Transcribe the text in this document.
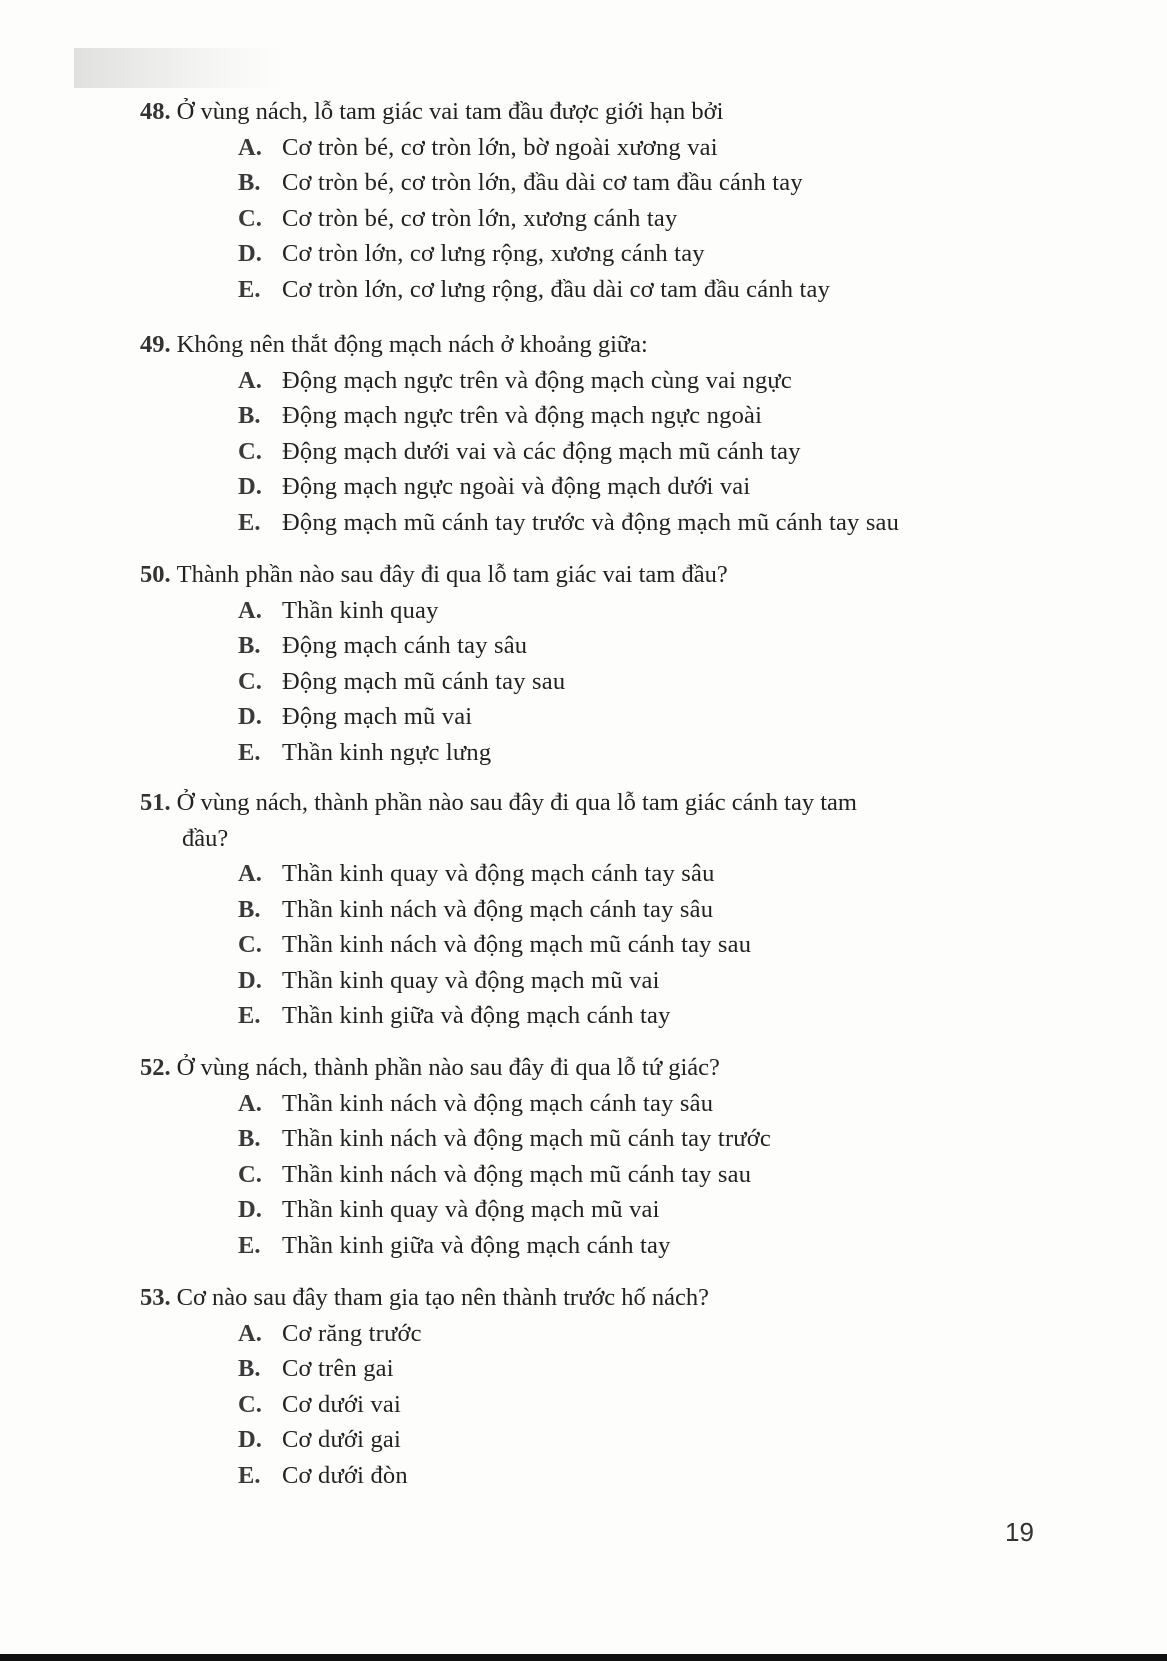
48. Ở vùng nách, lỗ tam giác vai tam đầu được giới hạn bởi
A. Cơ tròn bé, cơ tròn lớn, bờ ngoài xương vai
B. Cơ tròn bé, cơ tròn lớn, đầu dài cơ tam đầu cánh tay
C. Cơ tròn bé, cơ tròn lớn, xương cánh tay
D. Cơ tròn lớn, cơ lưng rộng, xương cánh tay
E. Cơ tròn lớn, cơ lưng rộng, đầu dài cơ tam đầu cánh tay
49. Không nên thắt động mạch nách ở khoảng giữa:
A. Động mạch ngực trên và động mạch cùng vai ngực
B. Động mạch ngực trên và động mạch ngực ngoài
C. Động mạch dưới vai và các động mạch mũ cánh tay
D. Động mạch ngực ngoài và động mạch dưới vai
E. Động mạch mũ cánh tay trước và động mạch mũ cánh tay sau
50. Thành phần nào sau đây đi qua lỗ tam giác vai tam đầu?
A. Thần kinh quay
B. Động mạch cánh tay sâu
C. Động mạch mũ cánh tay sau
D. Động mạch mũ vai
E. Thần kinh ngực lưng
51. Ở vùng nách, thành phần nào sau đây đi qua lỗ tam giác cánh tay tam
đầu?
A. Thần kinh quay và động mạch cánh tay sâu
B. Thần kinh nách và động mạch cánh tay sâu
C. Thần kinh nách và động mạch mũ cánh tay sau
D. Thần kinh quay và động mạch mũ vai
E. Thần kinh giữa và động mạch cánh tay
52. Ở vùng nách, thành phần nào sau đây đi qua lỗ tứ giác?
A. Thần kinh nách và động mạch cánh tay sâu
B. Thần kinh nách và động mạch mũ cánh tay trước
C. Thần kinh nách và động mạch mũ cánh tay sau
D. Thần kinh quay và động mạch mũ vai
E. Thần kinh giữa và động mạch cánh tay
53. Cơ nào sau đây tham gia tạo nên thành trước hố nách?
A. Cơ răng trước
B. Cơ trên gai
C. Cơ dưới vai
D. Cơ dưới gai
E. Cơ dưới đòn
19
